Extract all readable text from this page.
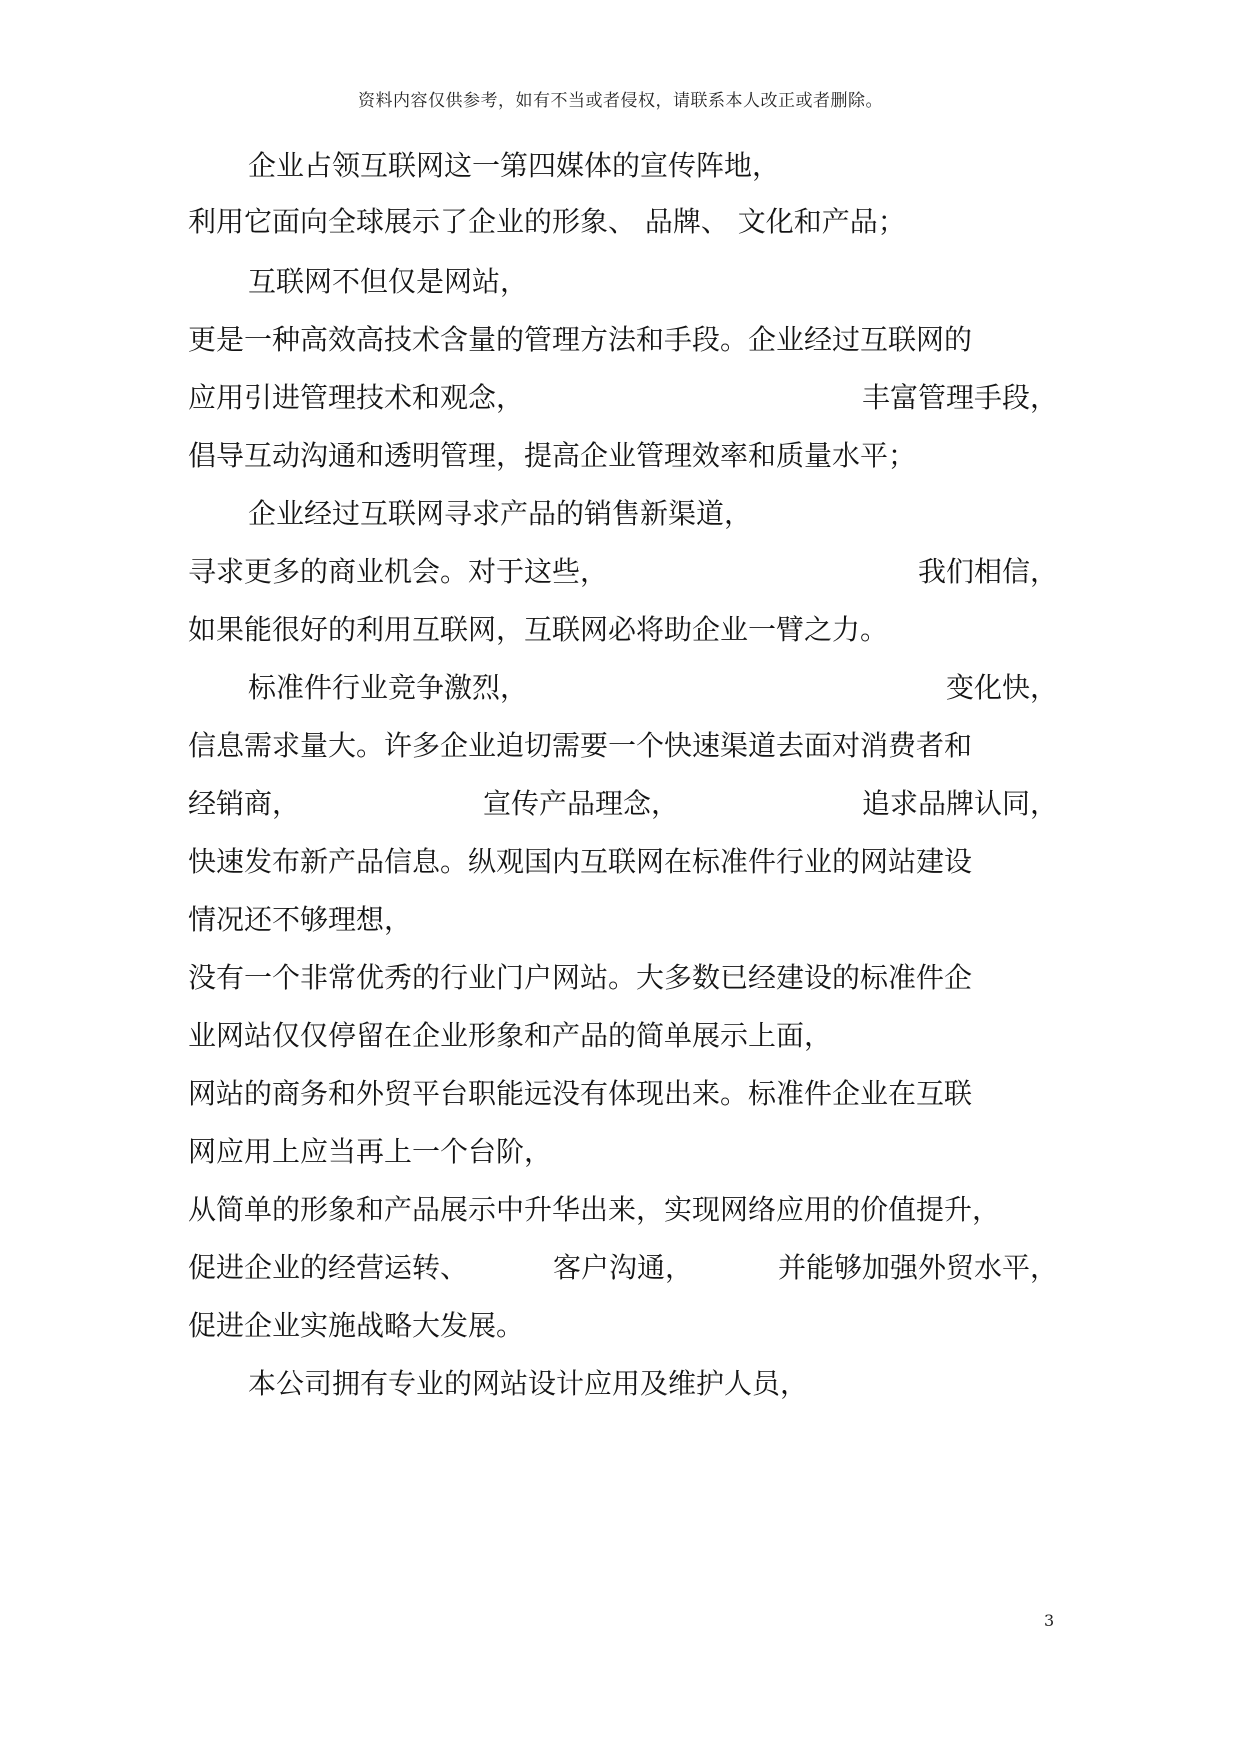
资料内容仅供参考，如有不当或者侵权，请联系本人改正或者删除。
企业占领互联网这一第四媒体的宣传阵地，
利用它面向全球展示了企业的形象、 品牌、 文化和产品；
互联网不但仅是网站，
更是一种高效高技术含量的管理方法和手段。企业经过互联网的
应用引进管理技术和观念，	丰富管理手段，
倡导互动沟通和透明管理，提高企业管理效率和质量水平；
企业经过互联网寻求产品的销售新渠道，
寻求更多的商业机会。对于这些，	我们相信，
如果能很好的利用互联网，互联网必将助企业一臂之力。
标准件行业竞争激烈，	变化快，
信息需求量大。许多企业迫切需要一个快速渠道去面对消费者和
经销商，	宣传产品理念，	追求品牌认同，
快速发布新产品信息。纵观国内互联网在标准件行业的网站建设
情况还不够理想，
没有一个非常优秀的行业门户网站。大多数已经建设的标准件企
业网站仅仅停留在企业形象和产品的简单展示上面，
网站的商务和外贸平台职能远没有体现出来。标准件企业在互联
网应用上应当再上一个台阶，
从简单的形象和产品展示中升华出来，实现网络应用的价值提升，
促进企业的经营运转、	客户沟通，	并能够加强外贸水平，
促进企业实施战略大发展。
本公司拥有专业的网站设计应用及维护人员，
3
